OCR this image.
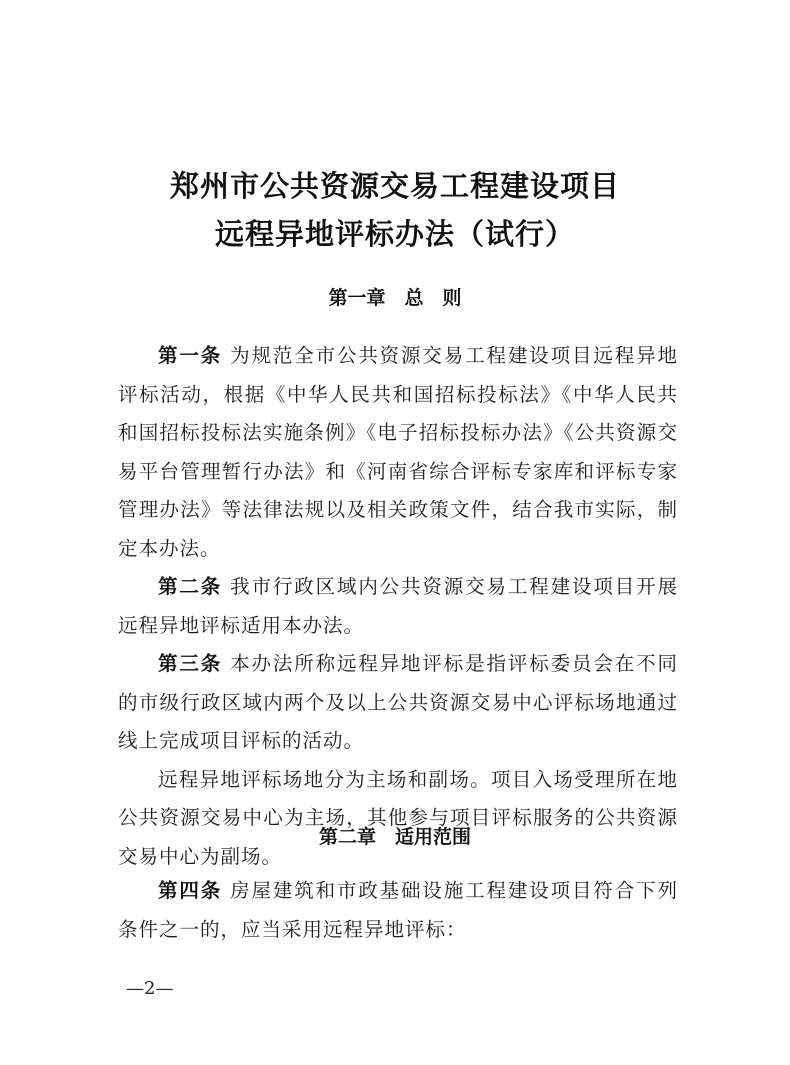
郑州市公共资源交易工程建设项目
远程异地评标办法（试行）
第一章　总　则

第一条 为规范全市公共资源交易工程建设项目远程异地评标活动，根据《中华人民共和国招标投标法》《中华人民共和国招标投标法实施条例》《电子招标投标办法》《公共资源交易平台管理暂行办法》和《河南省综合评标专家库和评标专家管理办法》等法律法规以及相关政策文件，结合我市实际，制定本办法。

第二条 我市行政区域内公共资源交易工程建设项目开展远程异地评标适用本办法。

第三条 本办法所称远程异地评标是指评标委员会在不同的市级行政区域内两个及以上公共资源交易中心评标场地通过线上完成项目评标的活动。

远程异地评标场地分为主场和副场。项目入场受理所在地公共资源交易中心为主场，其他参与项目评标服务的公共资源交易中心为副场。

第二章　适用范围

第四条 房屋建筑和市政基础设施工程建设项目符合下列条件之一的，应当采用远程异地评标：

—2—
